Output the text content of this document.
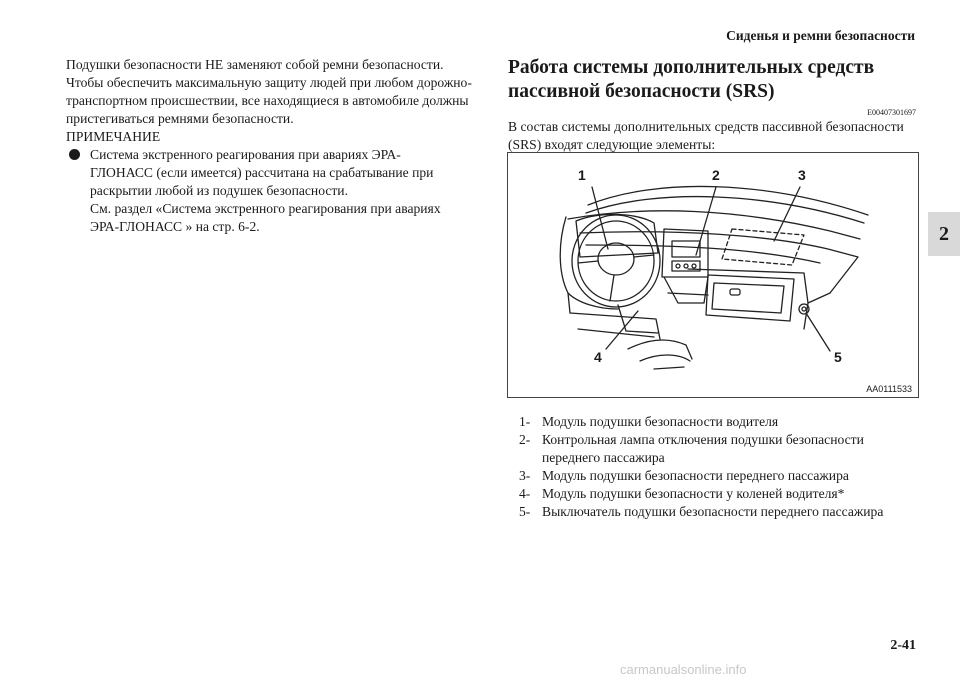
Сиденья и ремни безопасности
2

Подушки безопасности НЕ заменяют собой ремни безопасности.

Чтобы обеспечить максимальную защиту людей при любом дорожно-

транспортном происшествии, все находящиеся в автомобиле должны

пристегиваться ремнями безопасности.

ПРИМЕЧАНИЕ

Система экстренного реагирования при авариях ЭРА-

ГЛОНАСС (если имеется) рассчитана на срабатывание при

раскрытии любой из подушек безопасности.

См. раздел «Система экстренного реагирования при авариях

ЭРА-ГЛОНАСС » на стр. 6-2.

Работа системы дополнительных средств
пассивной безопасности (SRS)
E00407301697
В состав системы дополнительных средств пассивной безопасности
(SRS) входят следующие элементы:
1	2	3
4	5
AA0111533
1- Модуль подушки безопасности водителя
2- Контрольная лампа отключения подушки безопасности
переднего пассажира
3- Модуль подушки безопасности переднего пассажира
4- Модуль подушки безопасности у коленей водителя*
5- Выключатель подушки безопасности переднего пассажира
2-41
carmanualsonline.info
